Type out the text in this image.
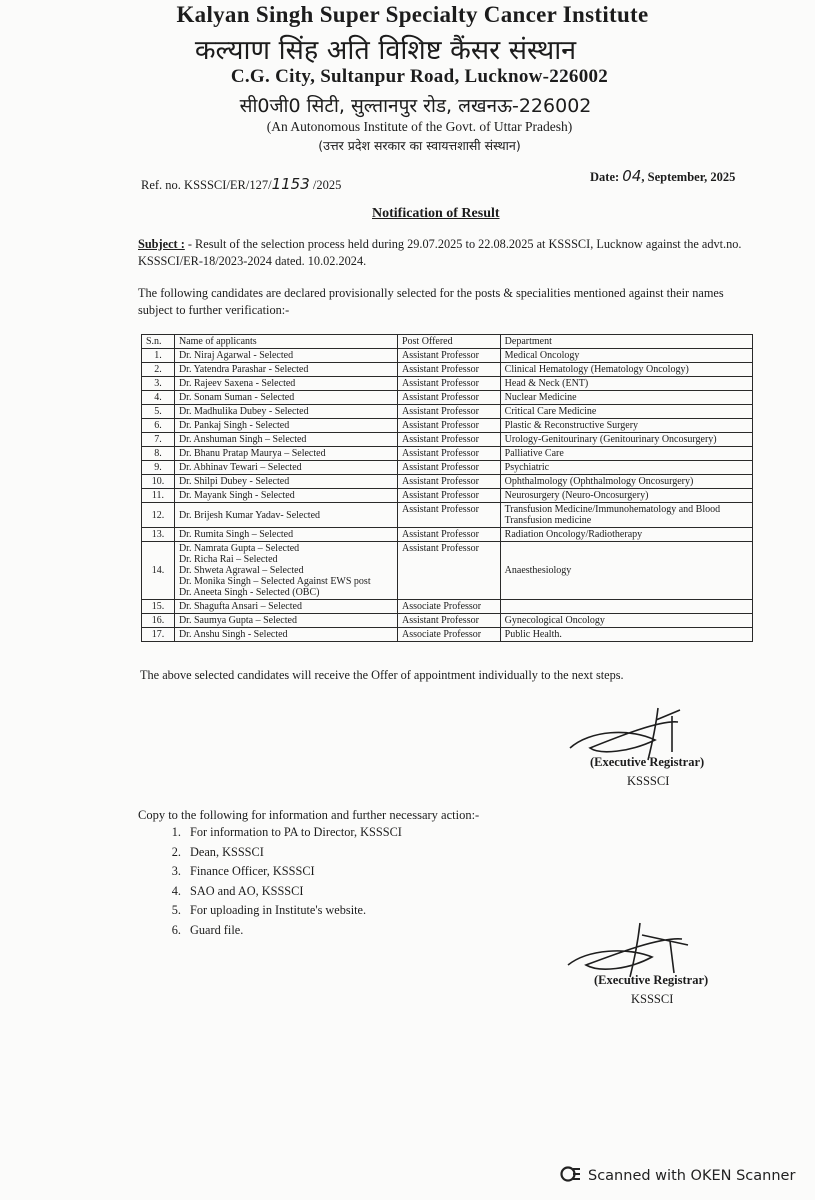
Kalyan Singh Super Specialty Cancer Institute
कल्याण सिंह अति विशिष्ट कैंसर संस्थान
C.G. City, Sultanpur Road, Lucknow-226002
सी0जी0 सिटी, सुल्तानपुर रोड, लखनऊ-226002
(An Autonomous Institute of the Govt. of Uttar Pradesh)
(उत्तर प्रदेश सरकार का स्वायत्तशासी संस्थान)
Ref. no. KSSSCI/ER/127/1153 /2025
Date: 04, September, 2025
Notification of Result
Subject : - Result of the selection process held during 29.07.2025 to 22.08.2025 at KSSSCI, Lucknow against the advt.no. KSSSCI/ER-18/2023-2024 dated. 10.02.2024.
The following candidates are declared provisionally selected for the posts & specialities mentioned against their names subject to further verification:-
S.n.	Name of applicants	Post Offered	Department
1.	Dr. Niraj Agarwal - Selected	Assistant Professor	Medical Oncology
2.	Dr. Yatendra Parashar - Selected	Assistant Professor	Clinical Hematology (Hematology Oncology)
3.	Dr. Rajeev Saxena - Selected	Assistant Professor	Head & Neck (ENT)
4.	Dr. Sonam Suman - Selected	Assistant Professor	Nuclear Medicine
5.	Dr. Madhulika Dubey - Selected	Assistant Professor	Critical Care Medicine
6.	Dr. Pankaj Singh - Selected	Assistant Professor	Plastic & Reconstructive Surgery
7.	Dr. Anshuman Singh – Selected	Assistant Professor	Urology-Genitourinary (Genitourinary Oncosurgery)
8.	Dr. Bhanu Pratap Maurya – Selected	Assistant Professor	Palliative Care
9.	Dr. Abhinav Tewari – Selected	Assistant Professor	Psychiatric
10.	Dr. Shilpi Dubey - Selected	Assistant Professor	Ophthalmology (Ophthalmology Oncosurgery)
11.	Dr. Mayank Singh - Selected	Assistant Professor	Neurosurgery (Neuro-Oncosurgery)
12.	Dr. Brijesh Kumar Yadav- Selected	Assistant Professor	Transfusion Medicine/Immunohematology and Blood Transfusion medicine
13.	Dr. Rumita Singh – Selected	Assistant Professor	Radiation Oncology/Radiotherapy
14.	Dr. Namrata Gupta – Selected
Dr. Richa Rai – Selected
Dr. Shweta Agrawal – Selected
Dr. Monika Singh – Selected Against EWS post
Dr. Aneeta Singh - Selected (OBC)	Assistant Professor	Anaesthesiology
15.	Dr. Shagufta Ansari – Selected	Associate Professor	
16.	Dr. Saumya Gupta – Selected	Assistant Professor	Gynecological Oncology
17.	Dr. Anshu Singh - Selected	Associate Professor	Public Health.
The above selected candidates will receive the Offer of appointment individually to the next steps.
(Executive Registrar)
KSSSCI
Copy to the following for information and further necessary action:-
1. For information to PA to Director, KSSSCI
2. Dean, KSSSCI
3. Finance Officer, KSSSCI
4. SAO and AO, KSSSCI
5. For uploading in Institute's website.
6. Guard file.
(Executive Registrar)
KSSSCI
Scanned with OKEN Scanner
